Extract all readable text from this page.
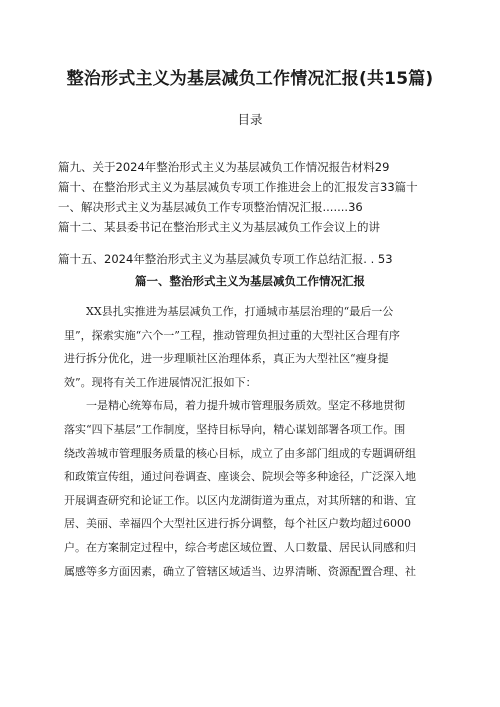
整治形式主义为基层减负工作情况汇报(共15篇)
目录
篇九、关于2024年整治形式主义为基层减负工作情况报告材料29
篇十、在整治形式主义为基层减负专项工作推进会上的汇报发言33篇十
一、解决形式主义为基层减负工作专项整治情况汇报.......36
篇十二、某县委书记在整治形式主义为基层减负工作会议上的讲
篇十五、2024年整治形式主义为基层减负专项工作总结汇报. . 53
篇一、整治形式主义为基层减负工作情况汇报

XX县扎实推进为基层减负工作，打通城市基层治理的“最后一公

里”，探索实施“六个一”工程，推动管理负担过重的大型社区合理有序

进行拆分优化，进一步理顺社区治理体系，真正为大型社区“瘦身提

效”。现将有关工作进展情况汇报如下：

一是精心统筹布局，着力提升城市管理服务质效。坚定不移地贯彻

落实“四下基层”工作制度，坚持目标导向，精心谋划部署各项工作。围

绕改善城市管理服务质量的核心目标，成立了由多部门组成的专题调研组

和政策宣传组，通过问卷调查、座谈会、院坝会等多种途径，广泛深入地

开展调查研究和论证工作。以区内龙湖街道为重点，对其所辖的和谐、宜

居、美丽、幸福四个大型社区进行拆分调整，每个社区户数均超过6000

户。在方案制定过程中，综合考虑区域位置、人口数量、居民认同感和归

属感等多方面因素，确立了管辖区域适当、边界清晰、资源配置合理、社
